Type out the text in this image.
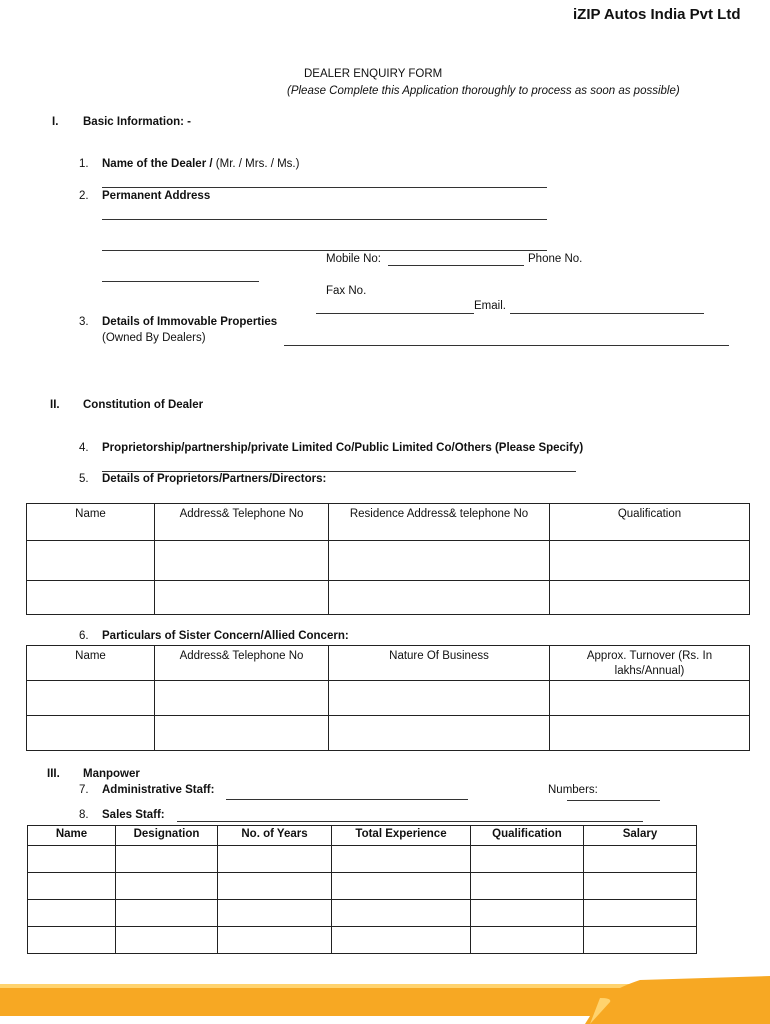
iZIP Autos India Pvt Ltd
DEALER ENQUIRY FORM
(Please Complete this Application thoroughly to process as soon as possible)
I. Basic Information: -
1. Name of the Dealer / (Mr. / Mrs. / Ms.)
2. Permanent Address
Mobile No:	Phone No.
Fax No.
Email.
3. Details of Immovable Properties
(Owned By Dealers)
II. Constitution of Dealer
4. Proprietorship/partnership/private Limited Co/Public Limited Co/Others (Please Specify)
5. Details of Proprietors/Partners/Directors:
Name	Address& Telephone No	Residence Address& telephone No	Qualification

6. Particulars of Sister Concern/Allied Concern:
Name	Address& Telephone No	Nature Of Business	Approx. Turnover (Rs. In lakhs/Annual)

III. Manpower
7. Administrative Staff:	Numbers:
8. Sales Staff:
Name	Designation	No. of Years	Total Experience	Qualification	Salary
